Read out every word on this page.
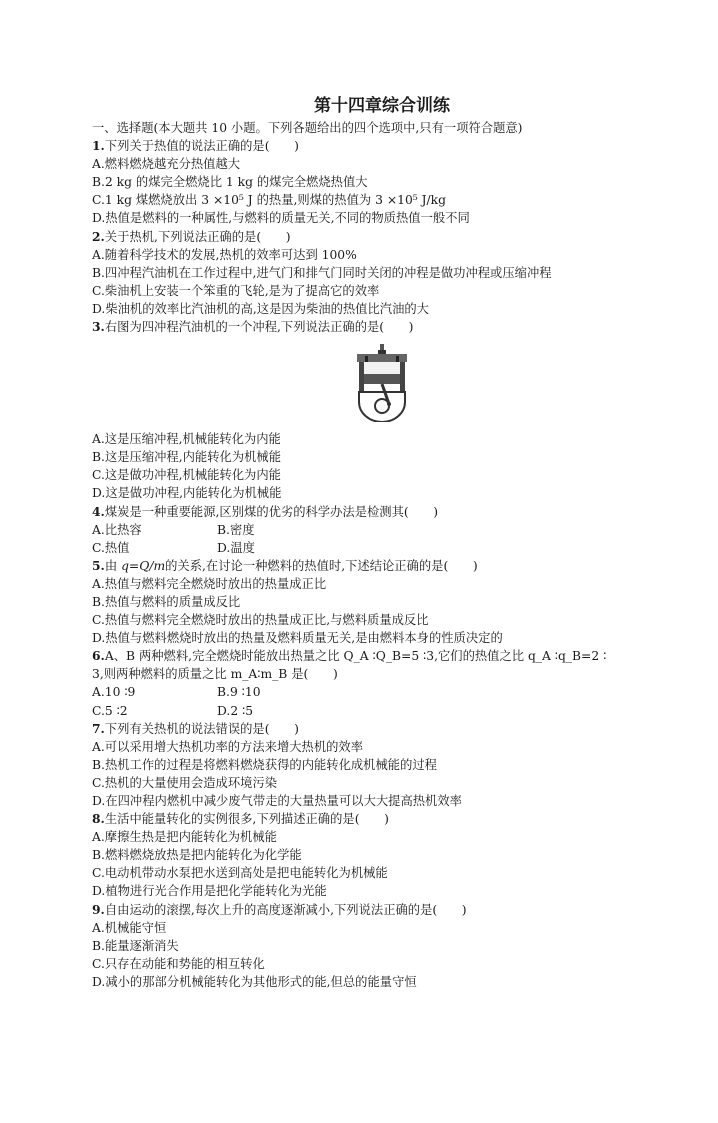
第十四章综合训练
一、选择题(本大题共 10 小题。下列各题给出的四个选项中,只有一项符合题意)
1.下列关于热值的说法正确的是(　　)
A.燃料燃烧越充分热值越大
B.2 kg 的煤完全燃烧比 1 kg 的煤完全燃烧热值大
C.1 kg 煤燃烧放出 3 ×10⁵ J 的热量,则煤的热值为 3 ×10⁵ J/kg
D.热值是燃料的一种属性,与燃料的质量无关,不同的物质热值一般不同
2.关于热机,下列说法正确的是(　　)
A.随着科学技术的发展,热机的效率可达到 100%
B.四冲程汽油机在工作过程中,进气门和排气门同时关闭的冲程是做功冲程或压缩冲程
C.柴油机上安装一个笨重的飞轮,是为了提高它的效率
D.柴油机的效率比汽油机的高,这是因为柴油的热值比汽油的大
3.右图为四冲程汽油机的一个冲程,下列说法正确的是(　　)
A.这是压缩冲程,机械能转化为内能
B.这是压缩冲程,内能转化为机械能
C.这是做功冲程,机械能转化为内能
D.这是做功冲程,内能转化为机械能
4.煤炭是一种重要能源,区别煤的优劣的科学办法是检测其(　　)
A.比热容	B.密度
C.热值	D.温度
5.由 q=Q/m的关系,在讨论一种燃料的热值时,下述结论正确的是(　　)
A.热值与燃料完全燃烧时放出的热量成正比
B.热值与燃料的质量成反比
C.热值与燃料完全燃烧时放出的热量成正比,与燃料质量成反比
D.热值与燃料燃烧时放出的热量及燃料质量无关,是由燃料本身的性质决定的
6.A、B 两种燃料,完全燃烧时能放出热量之比 Q_A ∶Q_B=5 ∶3,它们的热值之比 q_A ∶q_B=2 ∶
3,则两种燃料的质量之比 m_A∶m_B 是(　　)
A.10 ∶9	B.9 ∶10
C.5 ∶2	D.2 ∶5
7.下列有关热机的说法错误的是(　　)
A.可以采用增大热机功率的方法来增大热机的效率
B.热机工作的过程是将燃料燃烧获得的内能转化成机械能的过程
C.热机的大量使用会造成环境污染
D.在四冲程内燃机中减少废气带走的大量热量可以大大提高热机效率
8.生活中能量转化的实例很多,下列描述正确的是(　　)
A.摩擦生热是把内能转化为机械能
B.燃料燃烧放热是把内能转化为化学能
C.电动机带动水泵把水送到高处是把电能转化为机械能
D.植物进行光合作用是把化学能转化为光能
9.自由运动的滚摆,每次上升的高度逐渐减小,下列说法正确的是(　　)
A.机械能守恒
B.能量逐渐消失
C.只存在动能和势能的相互转化
D.减小的那部分机械能转化为其他形式的能,但总的能量守恒
